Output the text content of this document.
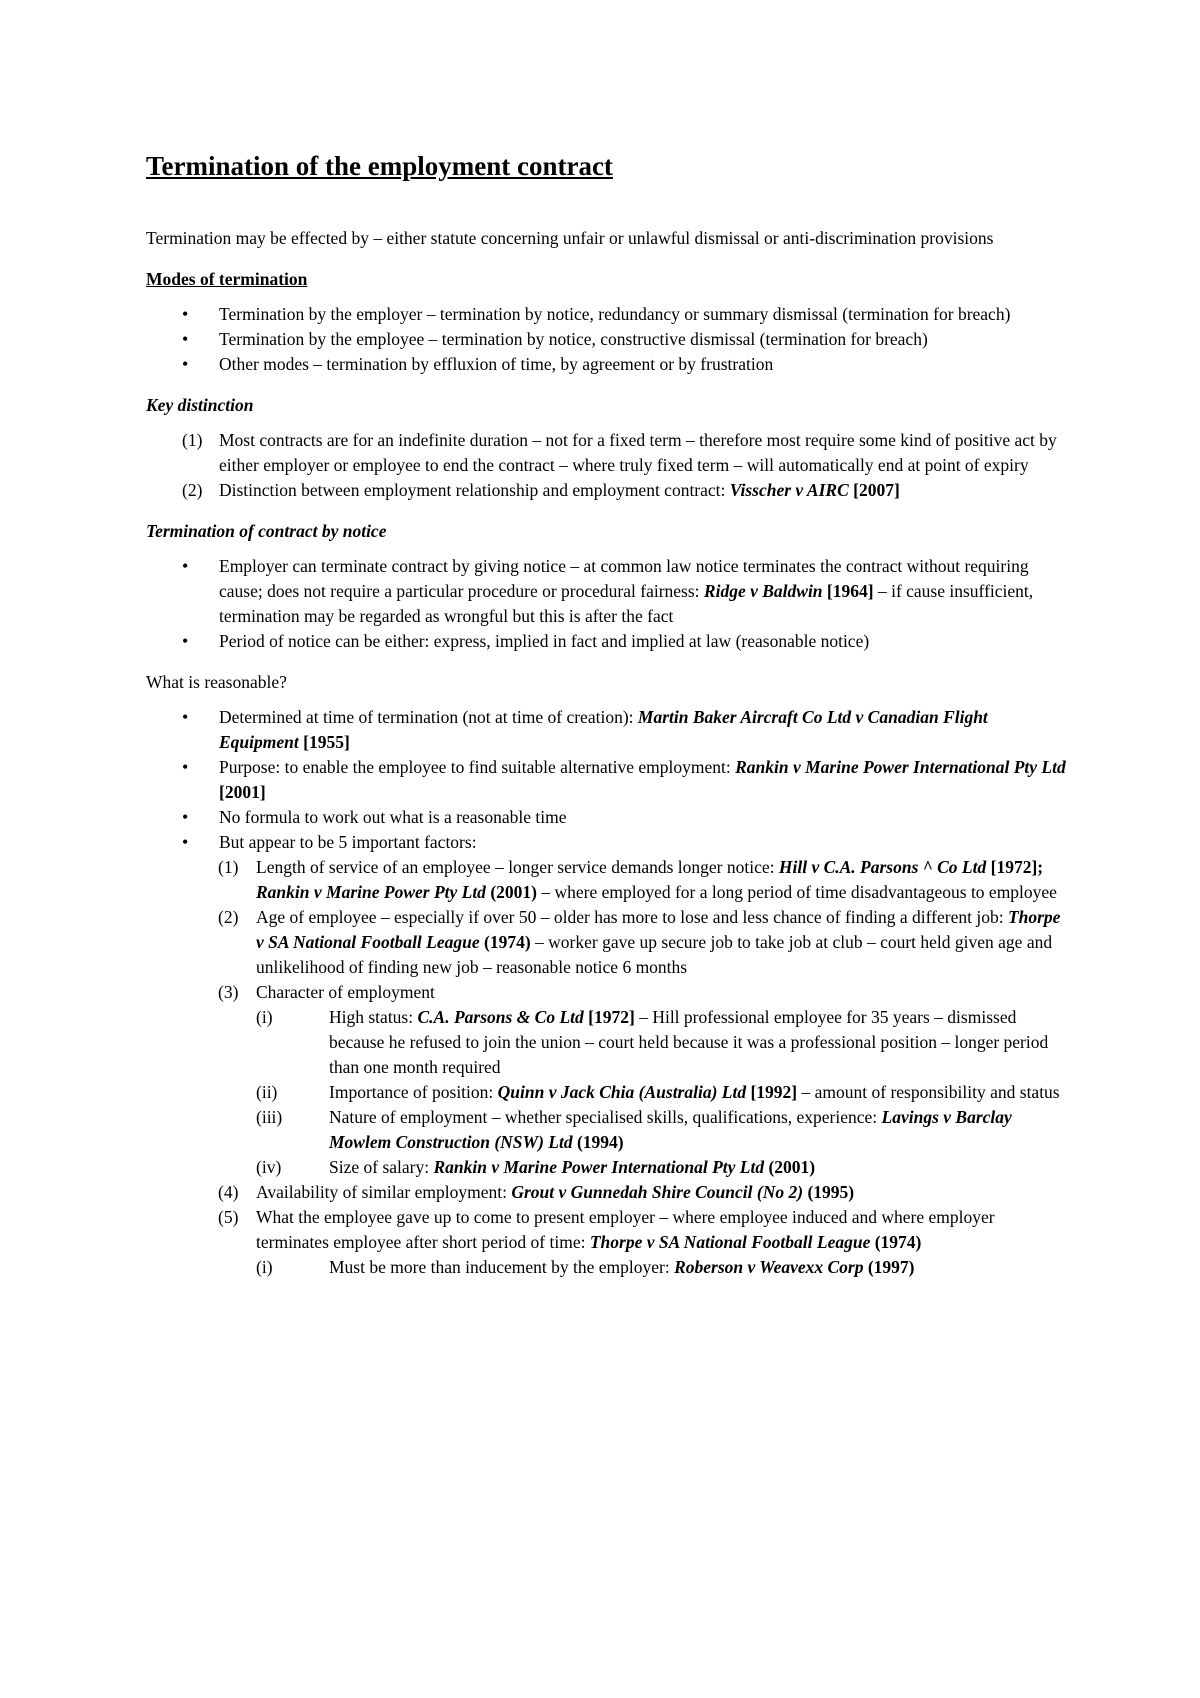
Termination of the employment contract

Termination may be effected by – either statute concerning unfair or unlawful dismissal or anti-discrimination provisions

Modes of termination
• Termination by the employer – termination by notice, redundancy or summary dismissal (termination for breach)
• Termination by the employee – termination by notice, constructive dismissal (termination for breach)
• Other modes – termination by effluxion of time, by agreement or by frustration
Key distinction
(1) Most contracts are for an indefinite duration – not for a fixed term – therefore most require some kind of positive act by either employer or employee to end the contract – where truly fixed term – will automatically end at point of expiry
(2) Distinction between employment relationship and employment contract: Visscher v AIRC [2007]
Termination of contract by notice
• Employer can terminate contract by giving notice – at common law notice terminates the contract without requiring cause; does not require a particular procedure or procedural fairness: Ridge v Baldwin [1964] – if cause insufficient, termination may be regarded as wrongful but this is after the fact
• Period of notice can be either: express, implied in fact and implied at law (reasonable notice)
What is reasonable?
• Determined at time of termination (not at time of creation): Martin Baker Aircraft Co Ltd v Canadian Flight Equipment [1955]
• Purpose: to enable the employee to find suitable alternative employment: Rankin v Marine Power International Pty Ltd [2001]
• No formula to work out what is a reasonable time
• But appear to be 5 important factors:
(1) Length of service of an employee – longer service demands longer notice: Hill v C.A. Parsons ^ Co Ltd [1972]; Rankin v Marine Power Pty Ltd (2001) – where employed for a long period of time disadvantageous to employee
(2) Age of employee – especially if over 50 – older has more to lose and less chance of finding a different job: Thorpe v SA National Football League (1974) – worker gave up secure job to take job at club – court held given age and unlikelihood of finding new job – reasonable notice 6 months
(3) Character of employment
(i)	High status: C.A. Parsons & Co Ltd [1972] – Hill professional employee for 35 years – dismissed because he refused to join the union – court held because it was a professional position – longer period than one month required
(ii)	Importance of position: Quinn v Jack Chia (Australia) Ltd [1992] – amount of responsibility and status
(iii)	Nature of employment – whether specialised skills, qualifications, experience: Lavings v Barclay Mowlem Construction (NSW) Ltd (1994)
(iv)	Size of salary: Rankin v Marine Power International Pty Ltd (2001)
(4) Availability of similar employment: Grout v Gunnedah Shire Council (No 2) (1995)
(5) What the employee gave up to come to present employer – where employee induced and where employer terminates employee after short period of time: Thorpe v SA National Football League (1974)
(i)	Must be more than inducement by the employer: Roberson v Weavexx Corp (1997)
